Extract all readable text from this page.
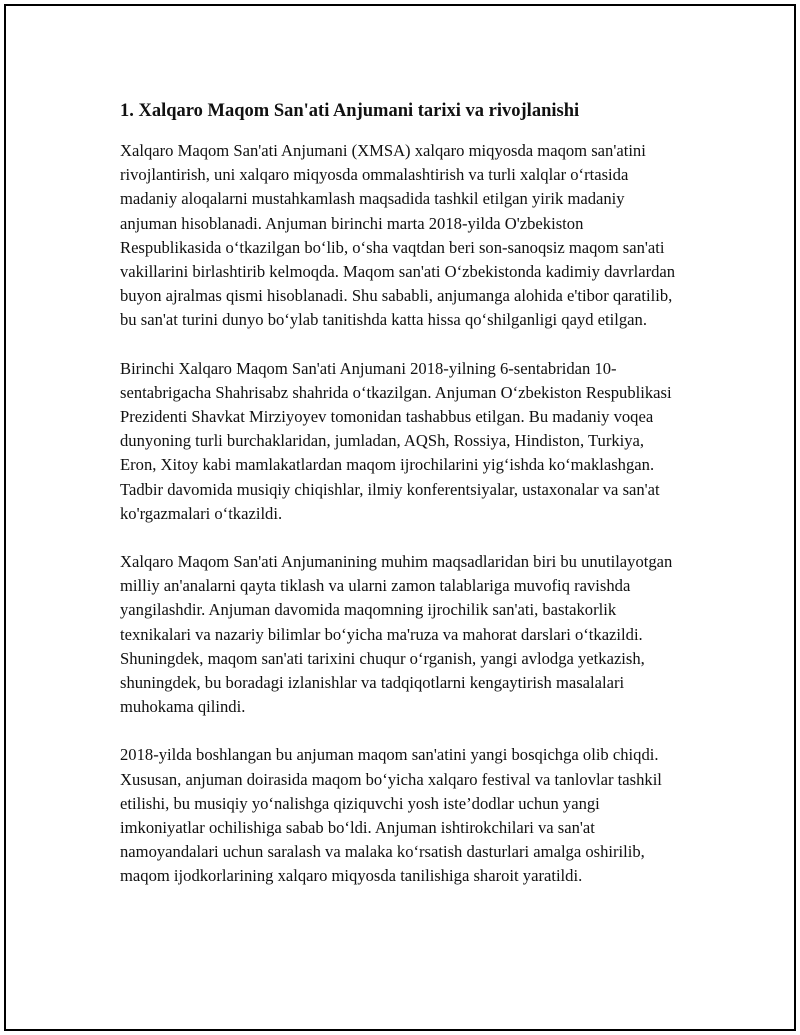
1. Xalqaro Maqom San'ati Anjumani tarixi va rivojlanishi

Xalqaro Maqom San'ati Anjumani (XMSA) xalqaro miqyosda maqom san'atini rivojlantirish, uni xalqaro miqyosda ommalashtirish va turli xalqlar o‘rtasida madaniy aloqalarni mustahkamlash maqsadida tashkil etilgan yirik madaniy anjuman hisoblanadi. Anjuman birinchi marta 2018-yilda O'zbekiston Respublikasida o‘tkazilgan bo‘lib, o‘sha vaqtdan beri son-sanoqsiz maqom san'ati vakillarini birlashtirib kelmoqda. Maqom san'ati O‘zbekistonda kadimiy davrlardan buyon ajralmas qismi hisoblanadi. Shu sababli, anjumanga alohida e'tibor qaratilib, bu san'at turini dunyo bo‘ylab tanitishda katta hissa qo‘shilganligi qayd etilgan.

Birinchi Xalqaro Maqom San'ati Anjumani 2018-yilning 6-sentabridan 10-sentabrigacha Shahrisabz shahrida o‘tkazilgan. Anjuman O‘zbekiston Respublikasi Prezidenti Shavkat Mirziyoyev tomonidan tashabbus etilgan. Bu madaniy voqea dunyoning turli burchaklaridan, jumladan, AQSh, Rossiya, Hindiston, Turkiya, Eron, Xitoy kabi mamlakatlardan maqom ijrochilarini yig‘ishda ko‘maklashgan. Tadbir davomida musiqiy chiqishlar, ilmiy konferentsiyalar, ustaxonalar va san'at ko'rgazmalari o‘tkazildi.

Xalqaro Maqom San'ati Anjumanining muhim maqsadlaridan biri bu unutilayotgan milliy an'analarni qayta tiklash va ularni zamon talablariga muvofiq ravishda yangilashdir. Anjuman davomida maqomning ijrochilik san'ati, bastakorlik texnikalari va nazariy bilimlar bo‘yicha ma'ruza va mahorat darslari o‘tkazildi. Shuningdek, maqom san'ati tarixini chuqur o‘rganish, yangi avlodga yetkazish, shuningdek, bu boradagi izlanishlar va tadqiqotlarni kengaytirish masalalari muhokama qilindi.

2018-yilda boshlangan bu anjuman maqom san'atini yangi bosqichga olib chiqdi. Xususan, anjuman doirasida maqom bo‘yicha xalqaro festival va tanlovlar tashkil etilishi, bu musiqiy yo‘nalishga qiziquvchi yosh iste’dodlar uchun yangi imkoniyatlar ochilishiga sabab bo‘ldi. Anjuman ishtirokchilari va san'at namoyandalari uchun saralash va malaka ko‘rsatish dasturlari amalga oshirilib, maqom ijodkorlarining xalqaro miqyosda tanilishiga sharoit yaratildi.
